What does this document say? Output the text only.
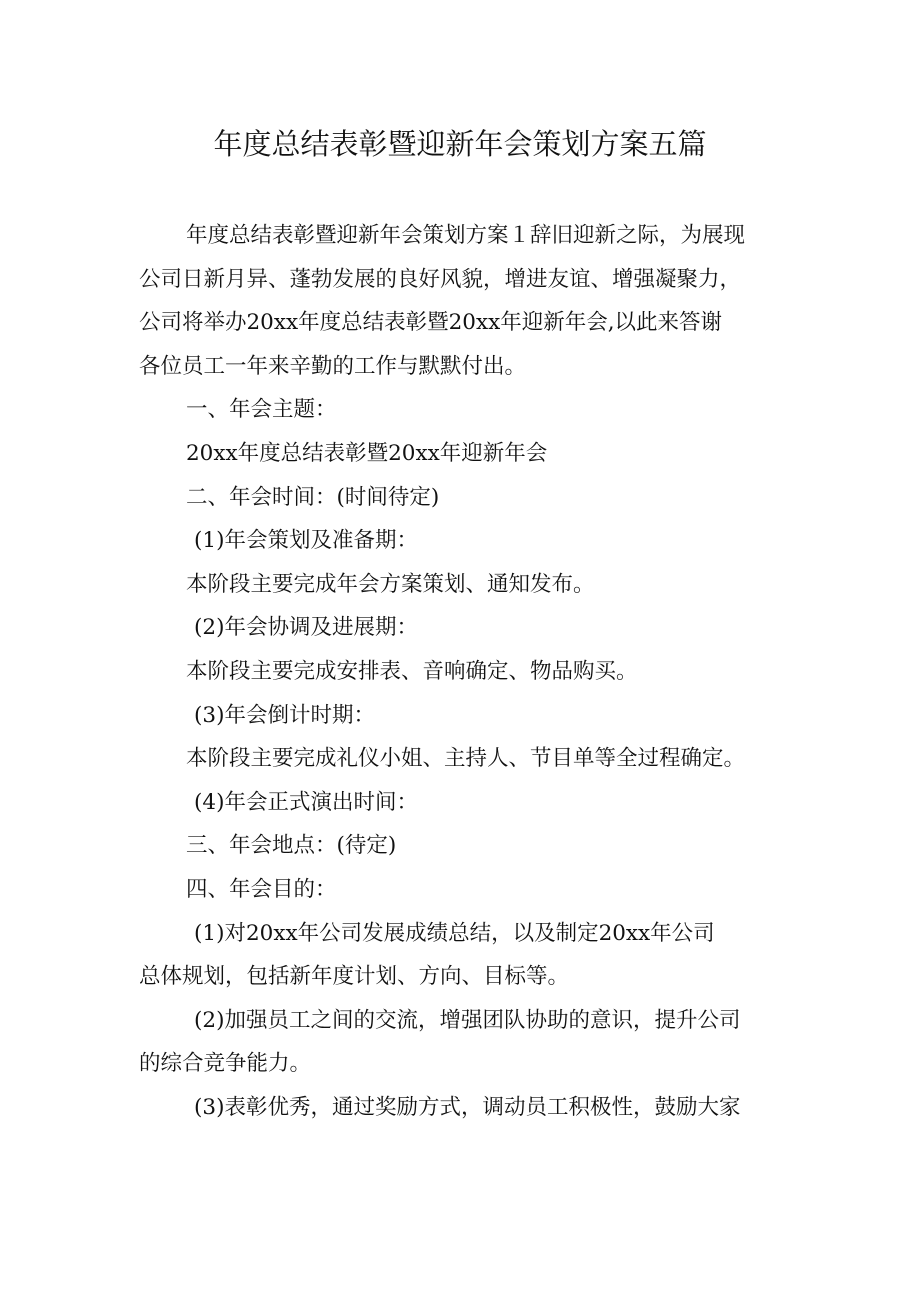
年度总结表彰暨迎新年会策划方案五篇
年度总结表彰暨迎新年会策划方案１辞旧迎新之际，为展现
公司日新月异、蓬勃发展的良好风貌，增进友谊、增强凝聚力，
公司将举办20xx年度总结表彰暨20xx年迎新年会,以此来答谢
各位员工一年来辛勤的工作与默默付出。
一、年会主题：
20xx年度总结表彰暨20xx年迎新年会
二、年会时间：(时间待定)
(1)年会策划及准备期：
本阶段主要完成年会方案策划、通知发布。
(2)年会协调及进展期：
本阶段主要完成安排表、音响确定、物品购买。
(3)年会倒计时期：
本阶段主要完成礼仪小姐、主持人、节目单等全过程确定。
(4)年会正式演出时间：
三、年会地点：(待定)
四、年会目的：
(1)对20xx年公司发展成绩总结，以及制定20xx年公司
总体规划，包括新年度计划、方向、目标等。
(2)加强员工之间的交流，增强团队协助的意识，提升公司
的综合竞争能力。
(3)表彰优秀，通过奖励方式，调动员工积极性，鼓励大家
